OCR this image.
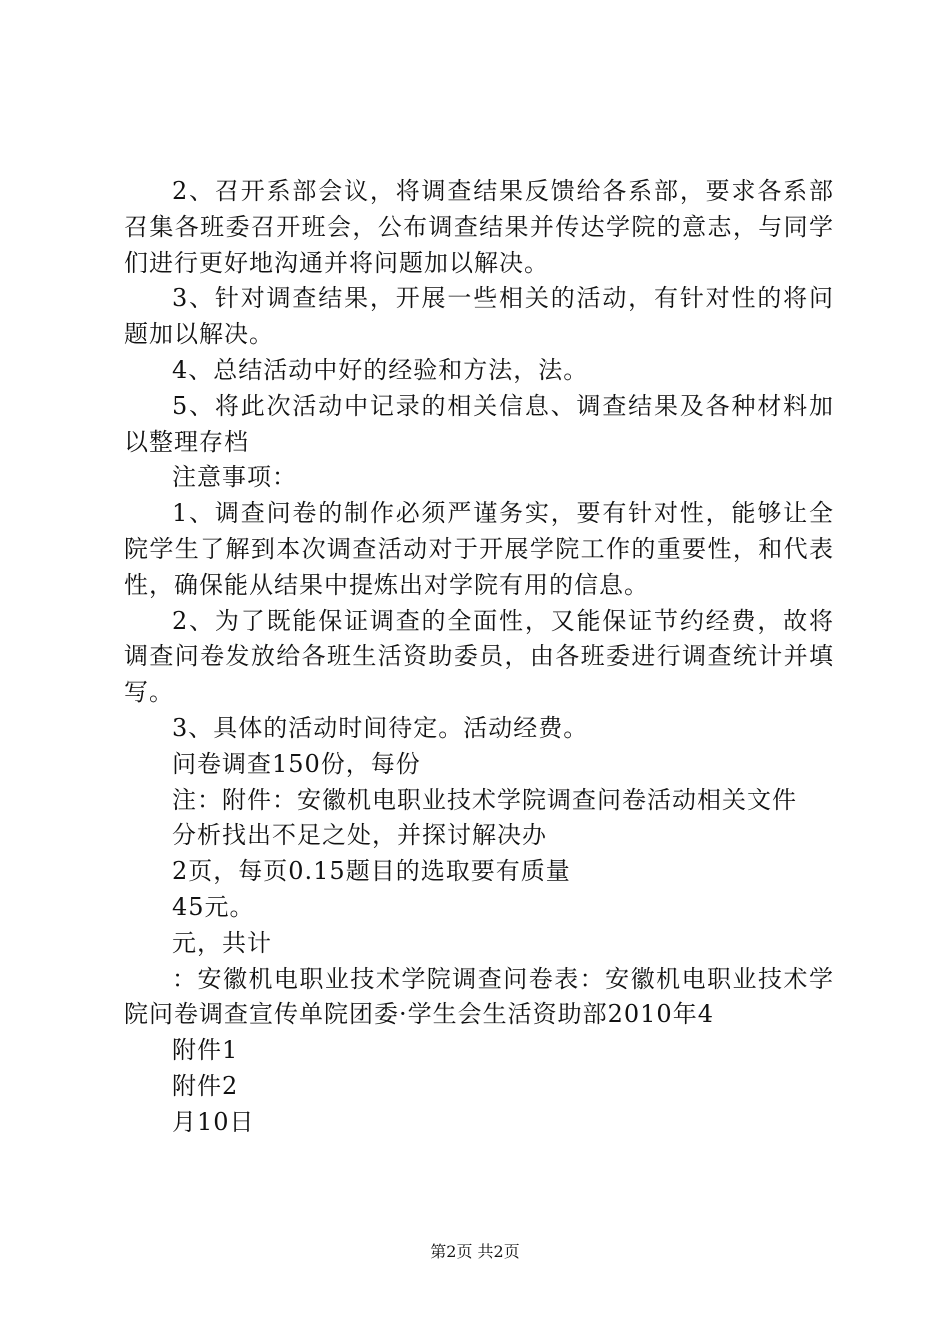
2、召开系部会议，将调查结果反馈给各系部，要求各系部召集各班委召开班会，公布调查结果并传达学院的意志，与同学们进行更好地沟通并将问题加以解决。

3、针对调查结果，开展一些相关的活动，有针对性的将问题加以解决。

4、总结活动中好的经验和方法，法。

5、将此次活动中记录的相关信息、调查结果及各种材料加以整理存档

注意事项：

1、调查问卷的制作必须严谨务实，要有针对性，能够让全院学生了解到本次调查活动对于开展学院工作的重要性，和代表性，确保能从结果中提炼出对学院有用的信息。

2、为了既能保证调查的全面性，又能保证节约经费，故将调查问卷发放给各班生活资助委员，由各班委进行调查统计并填写。

3、具体的活动时间待定。活动经费。

问卷调查150份，每份

注：附件：安徽机电职业技术学院调查问卷活动相关文件

分析找出不足之处，并探讨解决办

2页，每页0.15题目的选取要有质量

45元。

元，共计

：安徽机电职业技术学院调查问卷表：安徽机电职业技术学院问卷调查宣传单院团委·学生会生活资助部2010年4

附件1

附件2

月10日

第2页 共2页
